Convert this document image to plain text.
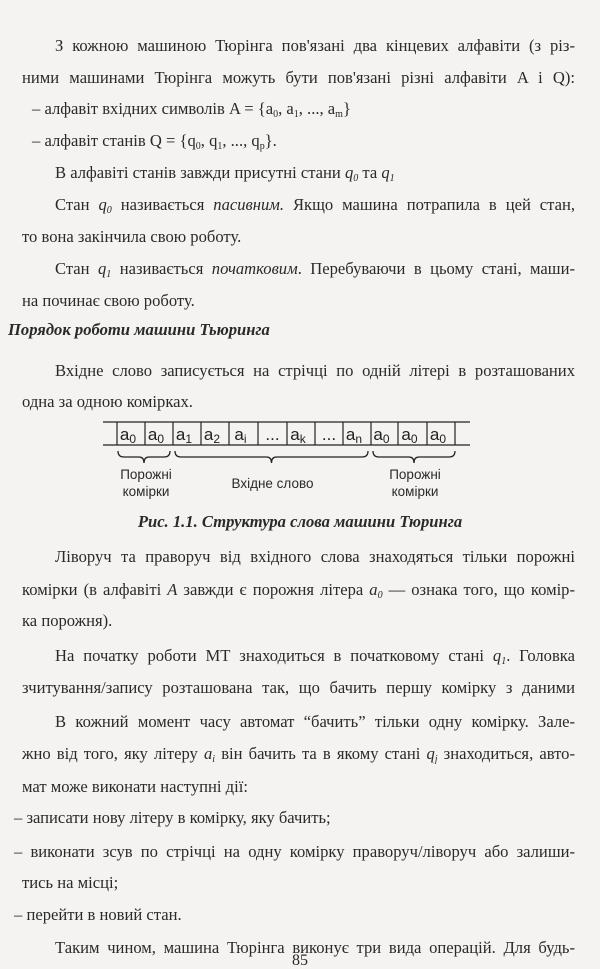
З кожною машиною Тюрінга пов'язані два кінцевих алфавіти (з різ-
ними машинами Тюрінга можуть бути пов'язані різні алфавіти A і Q):
– алфавіт вхідних символів $A = \{a_0$, $a_1$, ..., $a_m$}
– алфавіт станів $Q = \{q_0$, $q_1$, ..., $q_p$}.
В алфавіті станів завжди присутні стани q0 та q1
Стан q0 називається пасивним. Якщо машина потрапила в цей стан,
то вона закінчила свою роботу.
Стан q1 називається початковим. Перебуваючи в цьому стані, маши-
на починає свою роботу.
Порядок роботи машини Тьюринга
Вхідне слово записується на стрічці по одній літері в розташованих
одна за одною комірках.
Ліворуч та праворуч від вхідного слова знаходяться тільки порожні
комірки (в алфавіті A завжди є порожня літера a0 — ознака того, що комір-
ка порожня).
На початку роботи МТ знаходиться в початковому стані q1. Головка
зчитування/запису розташована так, що бачить першу комірку з даними
В кожний момент часу автомат “бачить” тільки одну комірку. Зале-
жно від того, яку літеру ai він бачить та в якому стані qj знаходиться, авто-
мат може виконати наступні дії:
– записати нову літеру в комірку, яку бачить;
– виконати зсув по стрічці на одну комірку праворуч/ліворуч або залиши-
тись на місці;
– перейти в новий стан.
Таким чином, машина Тюрінга виконує три вида операцій. Для будь-
a0 a0 a1 a2 ai ... ak ... an a0 a0 a0
Порожні комірки
Вхідне слово
Порожні комірки
Рис. 1.1. Структура слова машини Тюринга
85
